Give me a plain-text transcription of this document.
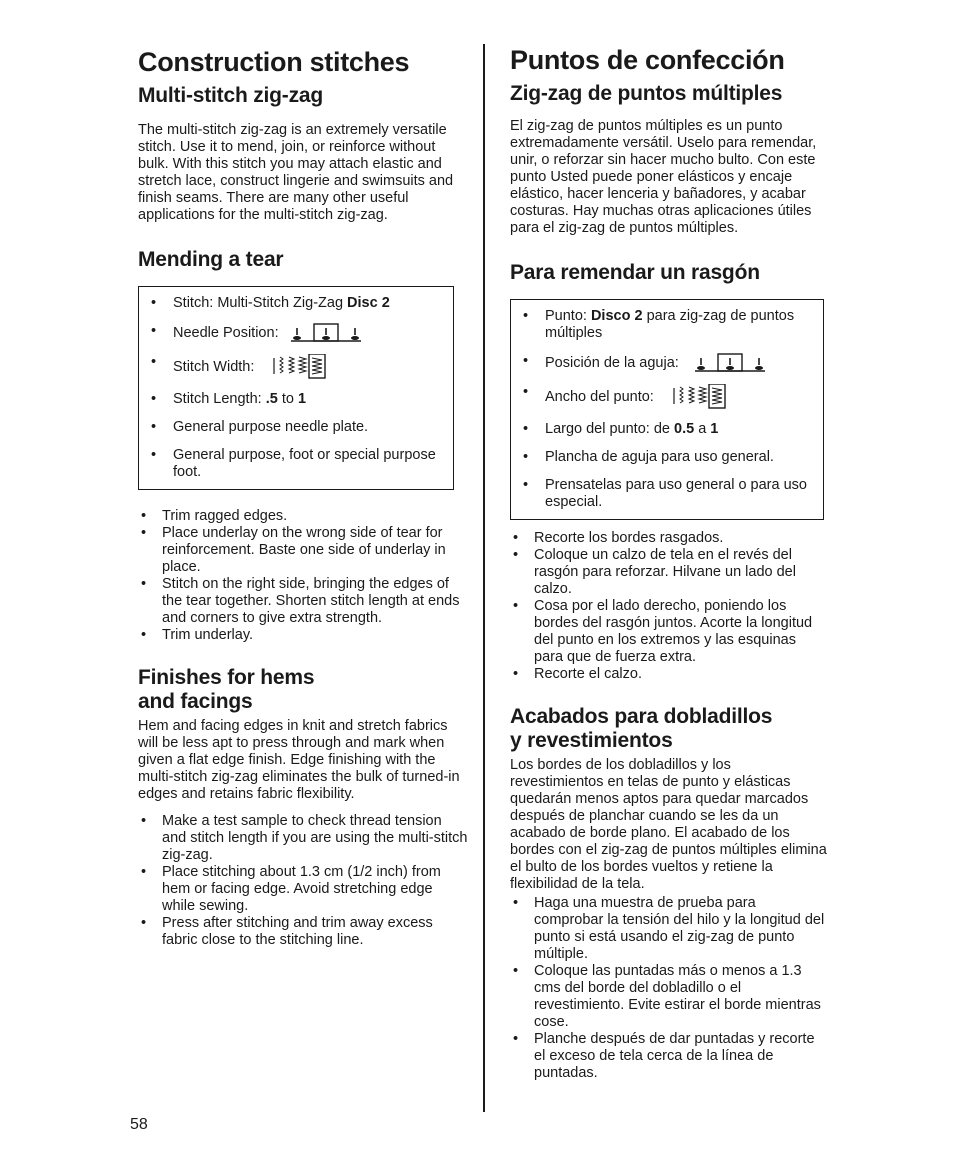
Construction stitches
Multi-stitch zig-zag

The multi-stitch zig-zag is an extremely versatile stitch. Use it to mend, join, or reinforce without bulk. With this stitch you may attach elastic and stretch lace, construct lingerie and swimsuits and finish seams. There are many other useful applications for the multi-stitch zig-zag.

Mending a tear
• Stitch: Multi-Stitch Zig-Zag Disc 2
• Needle Position:
• Stitch Width:
• Stitch Length: .5 to 1
• General purpose needle plate.
• General purpose, foot or special purpose foot.
• Trim ragged edges.
• Place underlay on the wrong side of tear for reinforcement. Baste one side of underlay in place.
• Stitch on the right side, bringing the edges of the tear together. Shorten stitch length at ends and corners to give extra strength.
• Trim underlay.
Finishes for hems
and facings

Hem and facing edges in knit and stretch fabrics will be less apt to press through and mark when given a flat edge finish. Edge finishing with the multi-stitch zig-zag eliminates the bulk of turned-in edges and retains fabric flexibility.

• Make a test sample to check thread tension and stitch length if you are using the multi-stitch zig-zag.
• Place stitching about 1.3 cm (1/2 inch) from hem or facing edge. Avoid stretching edge while sewing.
• Press after stitching and trim away excess fabric close to the stitching line.
Puntos de confección
Zig-zag de puntos múltiples

El zig-zag de puntos múltiples es un punto extremadamente versátil. Uselo para remendar, unir, o reforzar sin hacer mucho bulto. Con este punto Usted puede poner elásticos y encaje elástico, hacer lenceria y bañadores, y acabar costuras. Hay muchas otras aplicaciones útiles para el zig-zag de puntos múltiples.

Para remendar un rasgón
• Punto: Disco 2 para zig-zag de puntos múltiples
• Posición de la aguja:
• Ancho del punto:
• Largo del punto: de 0.5 a 1
• Plancha de aguja para uso general.
• Prensatelas para uso general o para uso especial.
• Recorte los bordes rasgados.
• Coloque un calzo de tela en el revés del rasgón para reforzar. Hilvane un lado del calzo.
• Cosa por el lado derecho, poniendo los bordes del rasgón juntos. Acorte la longitud del punto en los extremos y las esquinas para que de fuerza extra.
• Recorte el calzo.
Acabados para dobladillos
y revestimientos

Los bordes de los dobladillos y los revestimientos en telas de punto y elásticas quedarán menos aptos para quedar marcados después de planchar cuando se les da un acabado de borde plano. El acabado de los bordes con el zig-zag de puntos múltiples elimina el bulto de los bordes vueltos y retiene la flexibilidad de la tela.

• Haga una muestra de prueba para comprobar la tensión del hilo y la longitud del punto si está usando el zig-zag de punto múltiple.
• Coloque las puntadas más o menos a 1.3 cms del borde del dobladillo o el revestimiento. Evite estirar el borde mientras cose.
• Planche después de dar puntadas y recorte el exceso de tela cerca de la línea de puntadas.
58
